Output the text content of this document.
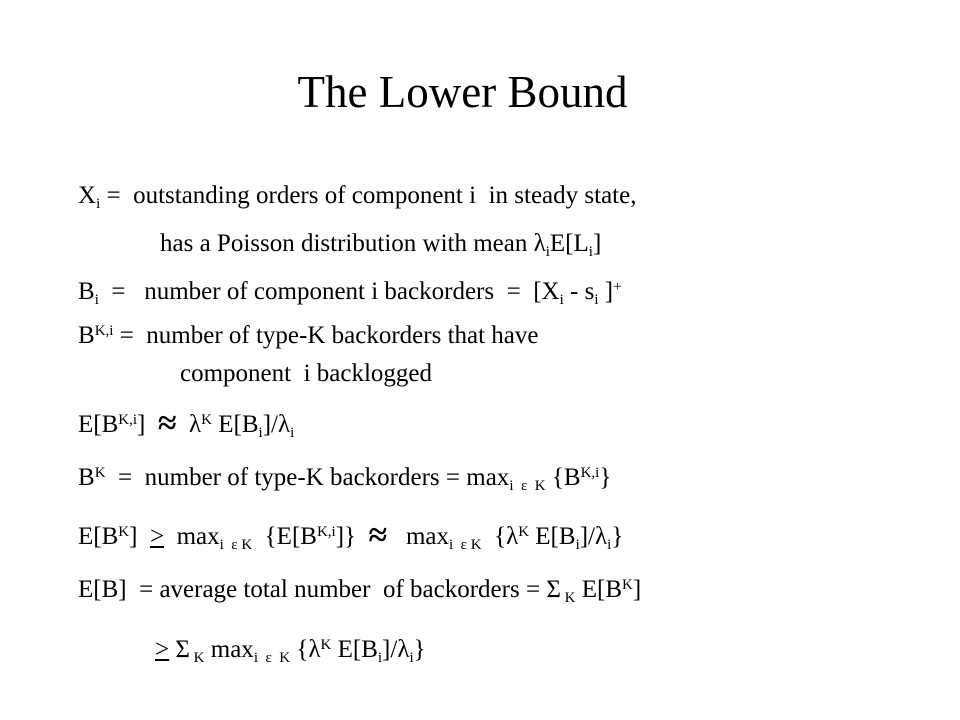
The Lower Bound
$X_i$ =  outstanding orders of component i  in steady state,
has a Poisson distribution with mean $\lambda_iE[L_i]$
$B_i$  =   number of component i backorders  =  [$X_i - s_i$ ]+
$B^{K,i}$ =  number of type-K backorders that have
component  i backlogged
$E[B^{K,i}] \approx \lambda^K$ $E[B_i]/\lambda_i$
$B^K$  =  number of type-K backorders = $\max_{i \varepsilon K} \{B^{K,i}\}$
$E[B^K] > \max_{i \varepsilon K} \{E[B^{K,i}]\} \approx \max_{i \varepsilon K} \{\lambda^K$ $E[B_i]/\lambda_i$}
E[B]  = average total number  of backorders = Σ $_K$ $E[B^K]$
> Σ $_K$ $\max_{i \varepsilon K} \{\lambda^K$ $E[B_i]/\lambda_i$}
